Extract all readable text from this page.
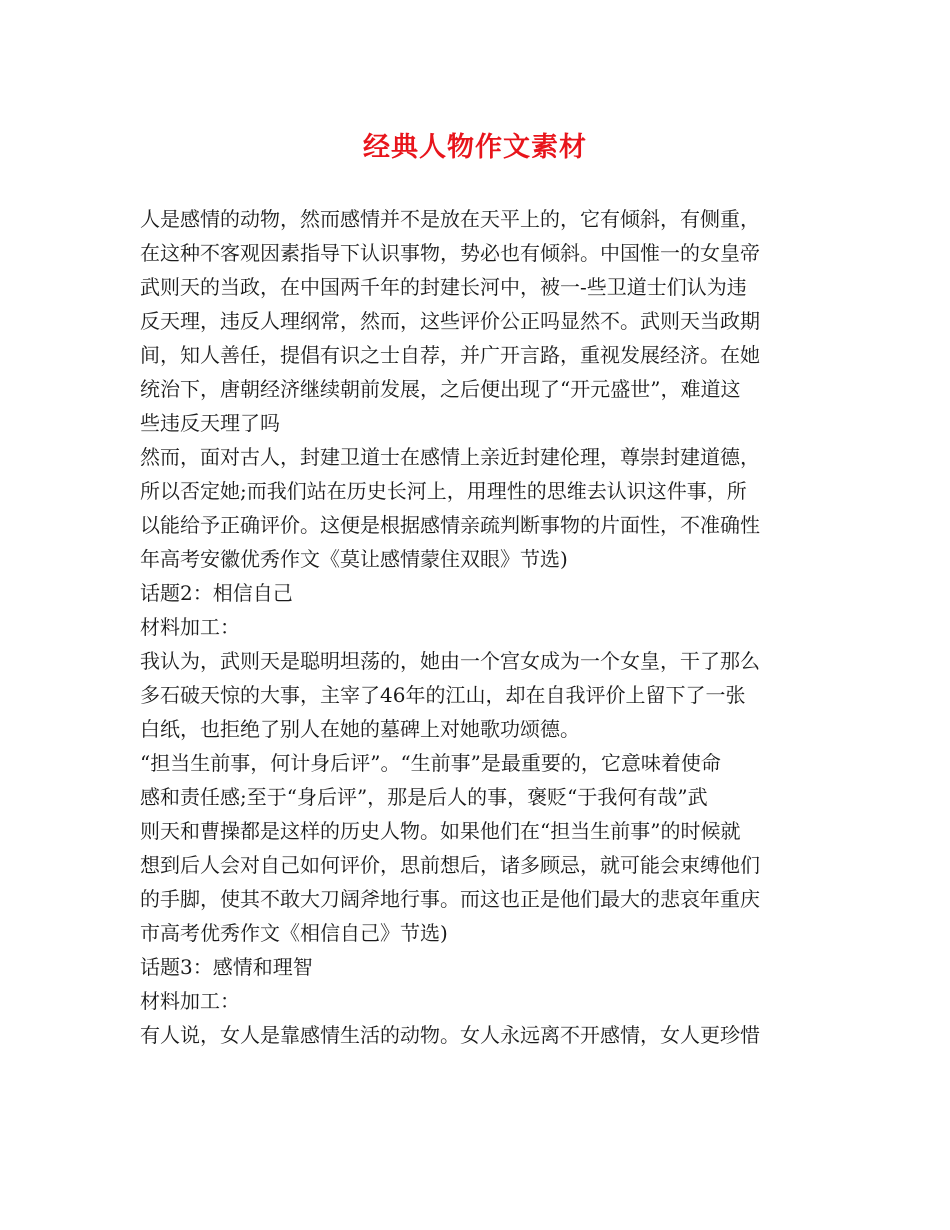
经典人物作文素材
人是感情的动物，然而感情并不是放在天平上的，它有倾斜，有侧重，
在这种不客观因素指导下认识事物，势必也有倾斜。中国惟一的女皇帝
武则天的当政，在中国两千年的封建长河中，被一-些卫道士们认为违
反天理，违反人理纲常，然而，这些评价公正吗显然不。武则天当政期
间，知人善任，提倡有识之士自荐，并广开言路，重视发展经济。在她
统治下，唐朝经济继续朝前发展，之后便出现了“开元盛世”，难道这
些违反天理了吗
然而，面对古人，封建卫道士在感情上亲近封建伦理，尊崇封建道德，
所以否定她;而我们站在历史长河上，用理性的思维去认识这件事，所
以能给予正确评价。这便是根据感情亲疏判断事物的片面性，不准确性
年高考安徽优秀作文《莫让感情蒙住双眼》节选)
话题2：相信自己
材料加工：
我认为，武则天是聪明坦荡的，她由一个宫女成为一个女皇，干了那么
多石破天惊的大事，主宰了46年的江山，却在自我评价上留下了一张
白纸，也拒绝了别人在她的墓碑上对她歌功颂德。
“担当生前事，何计身后评”。“生前事”是最重要的，它意味着使命
感和责任感;至于“身后评”，那是后人的事，褒贬“于我何有哉”武
则天和曹操都是这样的历史人物。如果他们在“担当生前事”的时候就
想到后人会对自己如何评价，思前想后，诸多顾忌，就可能会束缚他们
的手脚，使其不敢大刀阔斧地行事。而这也正是他们最大的悲哀年重庆
市高考优秀作文《相信自己》节选)
话题3：感情和理智
材料加工：
有人说，女人是靠感情生活的动物。女人永远离不开感情，女人更珍惜
